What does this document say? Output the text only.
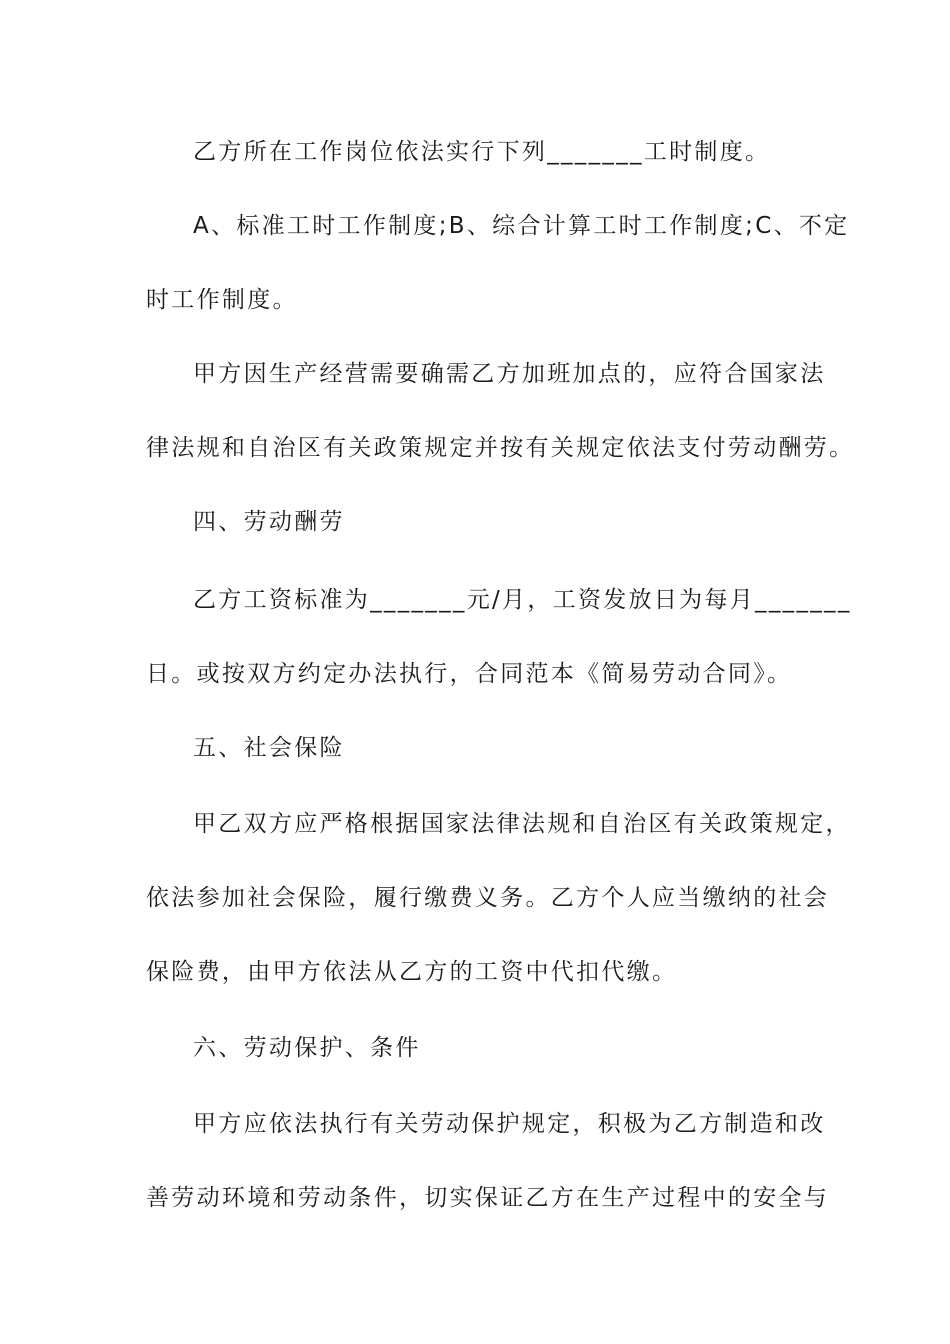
乙方所在工作岗位依法实行下列_______工时制度。
A、标准工时工作制度;B、综合计算工时工作制度;C、不定
时工作制度。
甲方因生产经营需要确需乙方加班加点的，应符合国家法
律法规和自治区有关政策规定并按有关规定依法支付劳动酬劳。
四、劳动酬劳
乙方工资标准为_______元/月，工资发放日为每月_______
日。或按双方约定办法执行，合同范本《简易劳动合同》。
五、社会保险
甲乙双方应严格根据国家法律法规和自治区有关政策规定，
依法参加社会保险，履行缴费义务。乙方个人应当缴纳的社会
保险费，由甲方依法从乙方的工资中代扣代缴。
六、劳动保护、条件
甲方应依法执行有关劳动保护规定，积极为乙方制造和改
善劳动环境和劳动条件，切实保证乙方在生产过程中的安全与
